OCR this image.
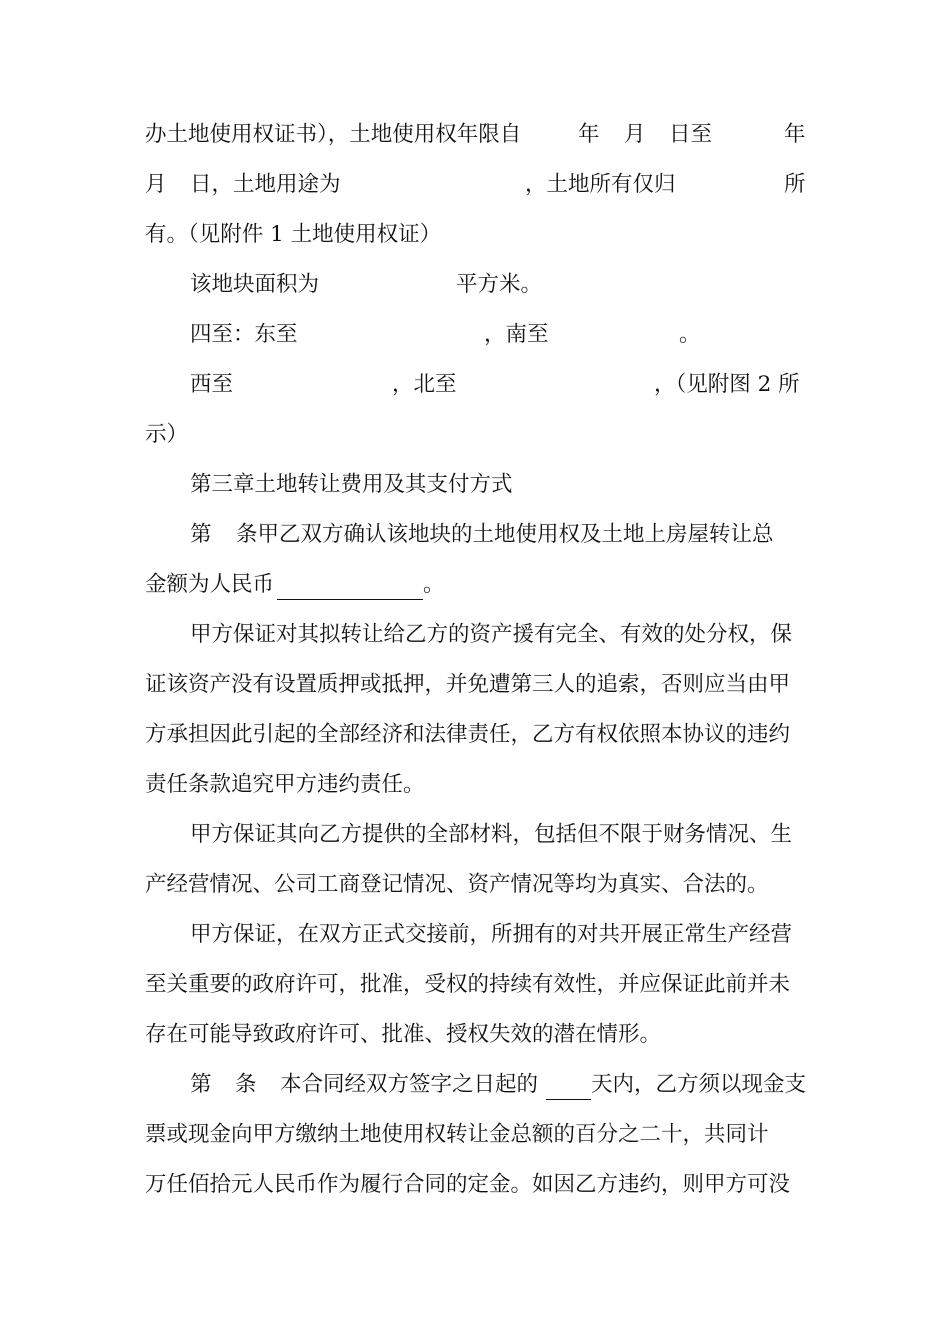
办土地使用权证书），土地使用权年限自	年 月 日至	年
月 日，土地用途为	，土地所有仅归	所
有。（见附件 1 土地使用权证）
该地块面积为	平方米。
四至：东至	，南至	。
西至	，北至	，（见附图 2 所
示）
第三章土地转让费用及其支付方式
第 条甲乙双方确认该地块的土地使用权及土地上房屋转让总
金额为人民币	。
甲方保证对其拟转让给乙方的资产援有完全、有效的处分权，保
证该资产没有设置质押或抵押，并免遭第三人的追索，否则应当由甲
方承担因此引起的全部经济和法律责任，乙方有权依照本协议的违约
责任条款追究甲方违约责任。
甲方保证其向乙方提供的全部材料，包括但不限于财务情况、生
产经营情况、公司工商登记情况、资产情况等均为真实、合法的。
甲方保证，在双方正式交接前，所拥有的对共开展正常生产经营
至关重要的政府许可，批准，受权的持续有效性，并应保证此前并未
存在可能导致政府许可、批准、授权失效的潜在情形。
第 条 本合同经双方签字之日起的 天内，乙方须以现金支
票或现金向甲方缴纳土地使用权转让金总额的百分之二十，共同计
万任佰拾元人民币作为履行合同的定金。如因乙方违约，则甲方可没
